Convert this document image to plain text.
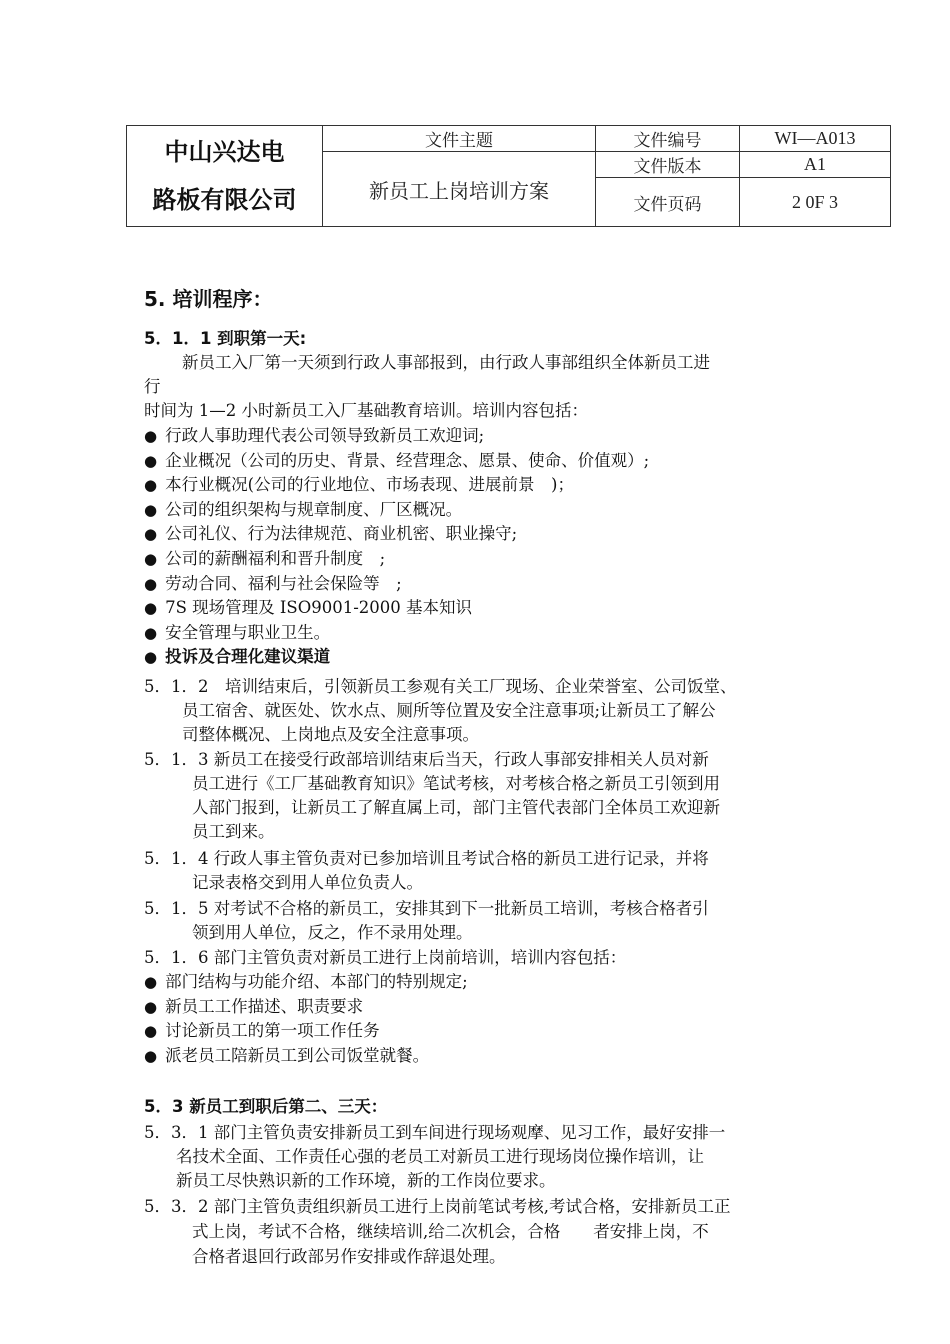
中山兴达电
路板有限公司	文件主题	文件编号	WI—A013
	新员工上岗培训方案	文件版本	A1
		文件页码	2 0F 3
5. 培训程序：
5．1．1 到职第一天:
新员工入厂第一天须到行政人事部报到，由行政人事部组织全体新员工进
行
时间为 1—2 小时新员工入厂基础教育培训。培训内容包括：
● 行政人事助理代表公司领导致新员工欢迎词;
● 企业概况（公司的历史、背景、经营理念、愿景、使命、价值观）;
● 本行业概况(公司的行业地位、市场表现、进展前景　)；
● 公司的组织架构与规章制度、厂区概况。
● 公司礼仪、行为法律规范、商业机密、职业操守;
● 公司的薪酬福利和晋升制度　;
● 劳动合同、福利与社会保险等　;
● 7S 现场管理及 ISO9001-2000 基本知识
● 安全管理与职业卫生。
● 投诉及合理化建议渠道
5．1．2　培训结束后，引领新员工参观有关工厂现场、企业荣誉室、公司饭堂、
员工宿舍、就医处、饮水点、厕所等位置及安全注意事项;让新员工了解公
司整体概况、上岗地点及安全注意事项。
5．1．3 新员工在接受行政部培训结束后当天，行政人事部安排相关人员对新
员工进行《工厂基础教育知识》笔试考核，对考核合格之新员工引领到用
人部门报到，让新员工了解直属上司，部门主管代表部门全体员工欢迎新
员工到来。
5．1．4 行政人事主管负责对已参加培训且考试合格的新员工进行记录，并将
记录表格交到用人单位负责人。
5．1．5 对考试不合格的新员工，安排其到下一批新员工培训，考核合格者引
领到用人单位，反之，作不录用处理。
5．1．6 部门主管负责对新员工进行上岗前培训，培训内容包括：
● 部门结构与功能介绍、本部门的特别规定;
● 新员工工作描述、职责要求
● 讨论新员工的第一项工作任务
● 派老员工陪新员工到公司饭堂就餐。
5．3 新员工到职后第二、三天：
5．3．1 部门主管负责安排新员工到车间进行现场观摩、见习工作，最好安排一
名技术全面、工作责任心强的老员工对新员工进行现场岗位操作培训，让
新员工尽快熟识新的工作环境，新的工作岗位要求。
5．3．2 部门主管负责组织新员工进行上岗前笔试考核,考试合格，安排新员工正
式上岗，考试不合格，继续培训,给二次机会，合格　　者安排上岗，不
合格者退回行政部另作安排或作辞退处理。
